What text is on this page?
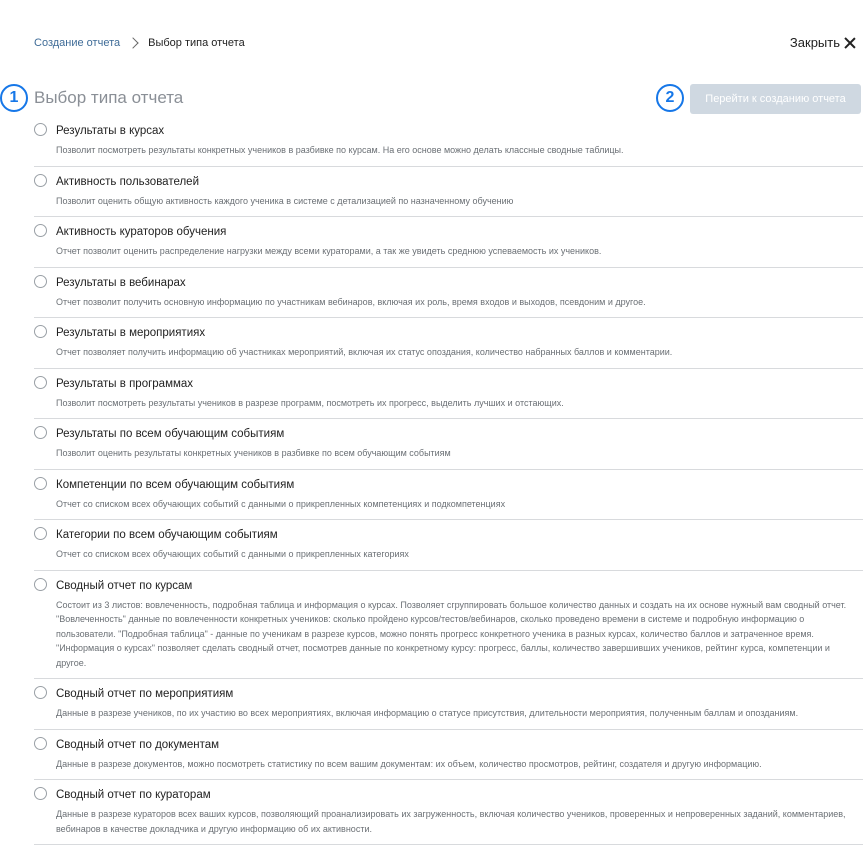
Создание отчета	Выбор типа отчета	Закрыть
1 Выбор типа отчета	2	Перейти к созданию отчета
Результаты в курсах
Позволит посмотреть результаты конкретных учеников в разбивке по курсам. На его основе можно делать классные сводные таблицы.
Активность пользователей
Позволит оценить общую активность каждого ученика в системе с детализацией по назначенному обучению
Активность кураторов обучения
Отчет позволит оценить распределение нагрузки между всеми кураторами, а так же увидеть среднюю успеваемость их учеников.
Результаты в вебинарах
Отчет позволит получить основную информацию по участникам вебинаров, включая их роль, время входов и выходов, псевдоним и другое.
Результаты в мероприятиях
Отчет позволяет получить информацию об участниках мероприятий, включая их статус опоздания, количество набранных баллов и комментарии.
Результаты в программах
Позволит посмотреть результаты учеников в разрезе программ, посмотреть их прогресс, выделить лучших и отстающих.
Результаты по всем обучающим событиям
Позволит оценить результаты конкретных учеников в разбивке по всем обучающим событиям
Компетенции по всем обучающим событиям
Отчет со списком всех обучающих событий с данными о прикрепленных компетенциях и подкомпетенциях
Категории по всем обучающим событиям
Отчет со списком всех обучающих событий с данными о прикрепленных категориях
Сводный отчет по курсам
Состоит из 3 листов: вовлеченность, подробная таблица и информация о курсах. Позволяет сгруппировать большое количество данных и создать на их основе нужный вам сводный отчет. "Вовлеченность" данные по вовлеченности конкретных учеников: сколько пройдено курсов/тестов/вебинаров, сколько проведено времени в системе и подробную информацию о пользователи. "Подробная таблица" - данные по ученикам в разрезе курсов, можно понять прогресс конкретного ученика в разных курсах, количество баллов и затраченное время. "Информация о курсах" позволяет сделать сводный отчет, посмотрев данные по конкретному курсу: прогресс, баллы, количество завершивших учеников, рейтинг курса, компетенции и другое.
Сводный отчет по мероприятиям
Данные в разрезе учеников, по их участию во всех мероприятиях, включая информацию о статусе присутствия, длительности мероприятия, полученным баллам и опозданиям.
Сводный отчет по документам
Данные в разрезе документов, можно посмотреть статистику по всем вашим документам: их объем, количество просмотров, рейтинг, создателя и другую информацию.
Сводный отчет по кураторам
Данные в разрезе кураторов всех ваших курсов, позволяющий проанализировать их загруженность, включая количество учеников, проверенных и непроверенных заданий, комментариев, вебинаров в качестве докладчика и другую информацию об их активности.
